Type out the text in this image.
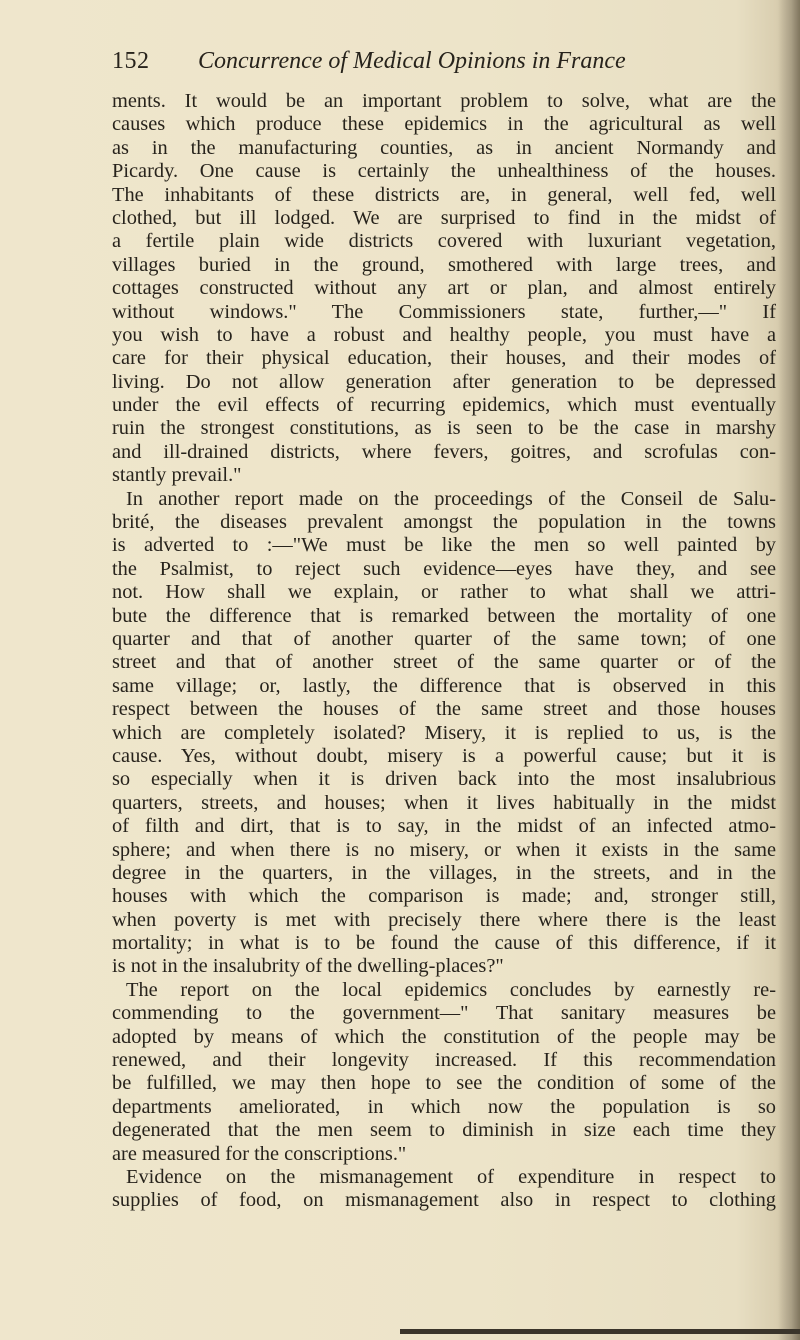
152 Concurrence of Medical Opinions in France
ments. It would be an important problem to solve, what are the
causes which produce these epidemics in the agricultural as well
as in the manufacturing counties, as in ancient Normandy and
Picardy. One cause is certainly the unhealthiness of the houses.
The inhabitants of these districts are, in general, well fed, well
clothed, but ill lodged. We are surprised to find in the midst of
a fertile plain wide districts covered with luxuriant vegetation,
villages buried in the ground, smothered with large trees, and
cottages constructed without any art or plan, and almost entirely
without windows." The Commissioners state, further,—" If
you wish to have a robust and healthy people, you must have a
care for their physical education, their houses, and their modes of
living. Do not allow generation after generation to be depressed
under the evil effects of recurring epidemics, which must eventually
ruin the strongest constitutions, as is seen to be the case in marshy
and ill-drained districts, where fevers, goitres, and scrofulas con-
stantly prevail."
In another report made on the proceedings of the Conseil de Salu-
brité, the diseases prevalent amongst the population in the towns
is adverted to :—"We must be like the men so well painted by
the Psalmist, to reject such evidence—eyes have they, and see
not. How shall we explain, or rather to what shall we attri-
bute the difference that is remarked between the mortality of one
quarter and that of another quarter of the same town; of one
street and that of another street of the same quarter or of the
same village; or, lastly, the difference that is observed in this
respect between the houses of the same street and those houses
which are completely isolated? Misery, it is replied to us, is the
cause. Yes, without doubt, misery is a powerful cause; but it is
so especially when it is driven back into the most insalubrious
quarters, streets, and houses; when it lives habitually in the midst
of filth and dirt, that is to say, in the midst of an infected atmo-
sphere; and when there is no misery, or when it exists in the same
degree in the quarters, in the villages, in the streets, and in the
houses with which the comparison is made; and, stronger still,
when poverty is met with precisely there where there is the least
mortality; in what is to be found the cause of this difference, if it
is not in the insalubrity of the dwelling-places?"
The report on the local epidemics concludes by earnestly re-
commending to the government—" That sanitary measures be
adopted by means of which the constitution of the people may be
renewed, and their longevity increased. If this recommendation
be fulfilled, we may then hope to see the condition of some of the
departments ameliorated, in which now the population is so
degenerated that the men seem to diminish in size each time they
are measured for the conscriptions."
Evidence on the mismanagement of expenditure in respect to
supplies of food, on mismanagement also in respect to clothing
